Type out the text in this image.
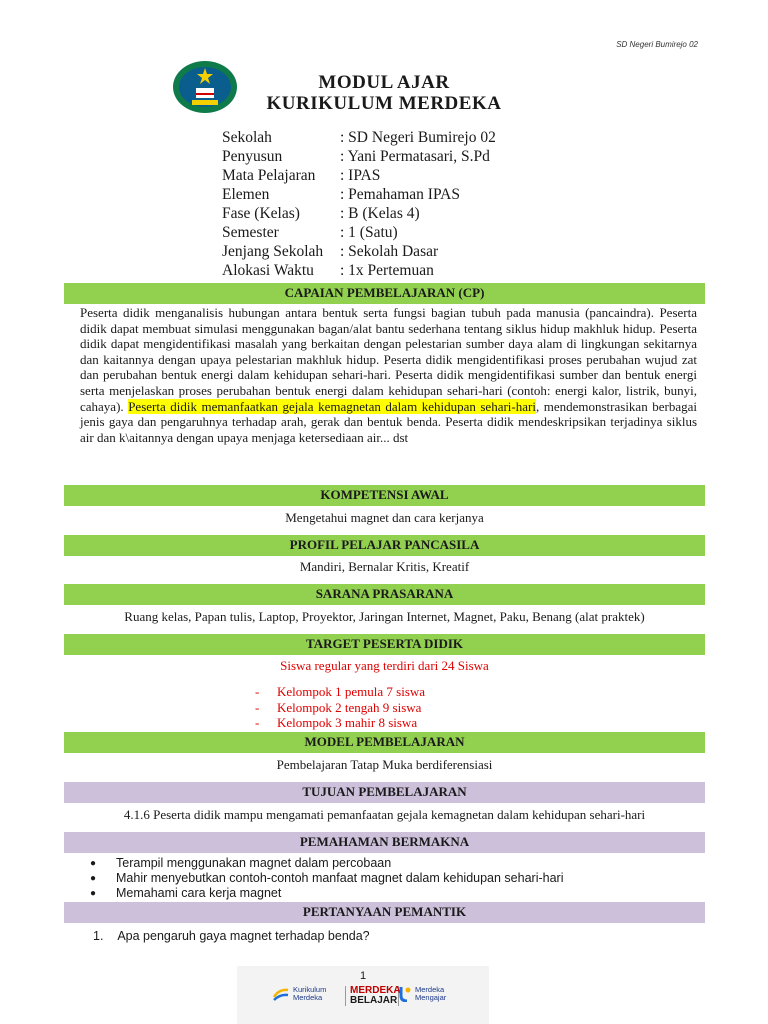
SD Negeri Bumirejo 02
MODUL AJAR
KURIKULUM MERDEKA
Sekolah	: SD Negeri Bumirejo 02
Penyusun	: Yani Permatasari, S.Pd
Mata Pelajaran	: IPAS
Elemen	: Pemahaman IPAS
Fase (Kelas)	: B (Kelas 4)
Semester	: 1 (Satu)
Jenjang Sekolah	: Sekolah Dasar
Alokasi Waktu	: 1x Pertemuan
CAPAIAN PEMBELAJARAN (CP)
Peserta didik menganalisis hubungan antara bentuk serta fungsi bagian tubuh pada manusia (pancaindra). Peserta didik dapat membuat simulasi menggunakan bagan/alat bantu sederhana tentang siklus hidup makhluk hidup. Peserta didik dapat mengidentifikasi masalah yang berkaitan dengan pelestarian sumber daya alam di lingkungan sekitarnya dan kaitannya dengan upaya pelestarian makhluk hidup. Peserta didik mengidentifikasi proses perubahan wujud zat dan perubahan bentuk energi dalam kehidupan sehari-hari. Peserta didik mengidentifikasi sumber dan bentuk energi serta menjelaskan proses perubahan bentuk energi dalam kehidupan sehari-hari (contoh: energi kalor, listrik, bunyi, cahaya). Peserta didik memanfaatkan gejala kemagnetan dalam kehidupan sehari-hari, mendemonstrasikan berbagai jenis gaya dan pengaruhnya terhadap arah, gerak dan bentuk benda. Peserta didik mendeskripsikan terjadinya siklus air dan k\aitannya dengan upaya menjaga ketersediaan air... dst
KOMPETENSI AWAL
Mengetahui magnet dan cara kerjanya
PROFIL PELAJAR PANCASILA
Mandiri, Bernalar Kritis, Kreatif
SARANA PRASARANA
Ruang kelas, Papan tulis, Laptop, Proyektor, Jaringan Internet, Magnet, Paku, Benang (alat praktek)
TARGET PESERTA DIDIK
Siswa regular yang terdiri dari 24 Siswa
-	Kelompok 1 pemula 7 siswa
-	Kelompok 2 tengah 9 siswa
-	Kelompok 3 mahir 8 siswa
MODEL PEMBELAJARAN
Pembelajaran Tatap Muka berdiferensiasi
TUJUAN PEMBELAJARAN
4.1.6 Peserta didik mampu mengamati pemanfaatan gejala kemagnetan dalam kehidupan sehari-hari
PEMAHAMAN BERMAKNA
●	Terampil menggunakan magnet dalam percobaan
●	Mahir menyebutkan contoh-contoh manfaat magnet dalam kehidupan sehari-hari
●	Memahami cara kerja magnet
PERTANYAAN PEMANTIK
1. Apa pengaruh gaya magnet terhadap benda?
1
Kurikulum
Merdeka
MERDEKA
BELAJAR
Merdeka
Mengajar
